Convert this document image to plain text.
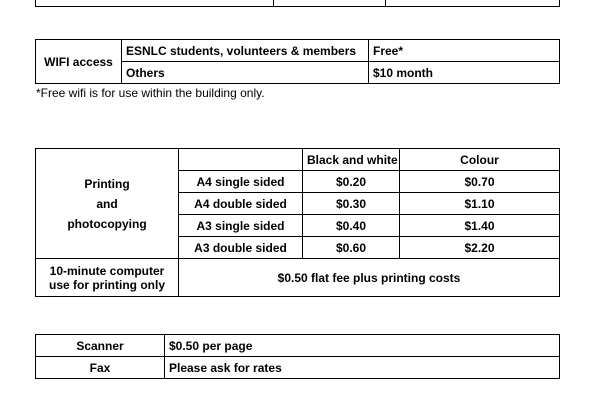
WIFI access	ESNLC students, volunteers & members	Free*
	Others	$10 month
*Free wifi is for use within the building only.
Printing
and
photocopying		Black and white	Colour
	A4 single sided	$0.20	$0.70
	A4 double sided	$0.30	$1.10
	A3 single sided	$0.40	$1.40
	A3 double sided	$0.60	$2.20

10-minute computer
use for printing only	$0.50 flat fee plus printing costs		
Scanner	$0.50 per page
Fax	Please ask for rates
